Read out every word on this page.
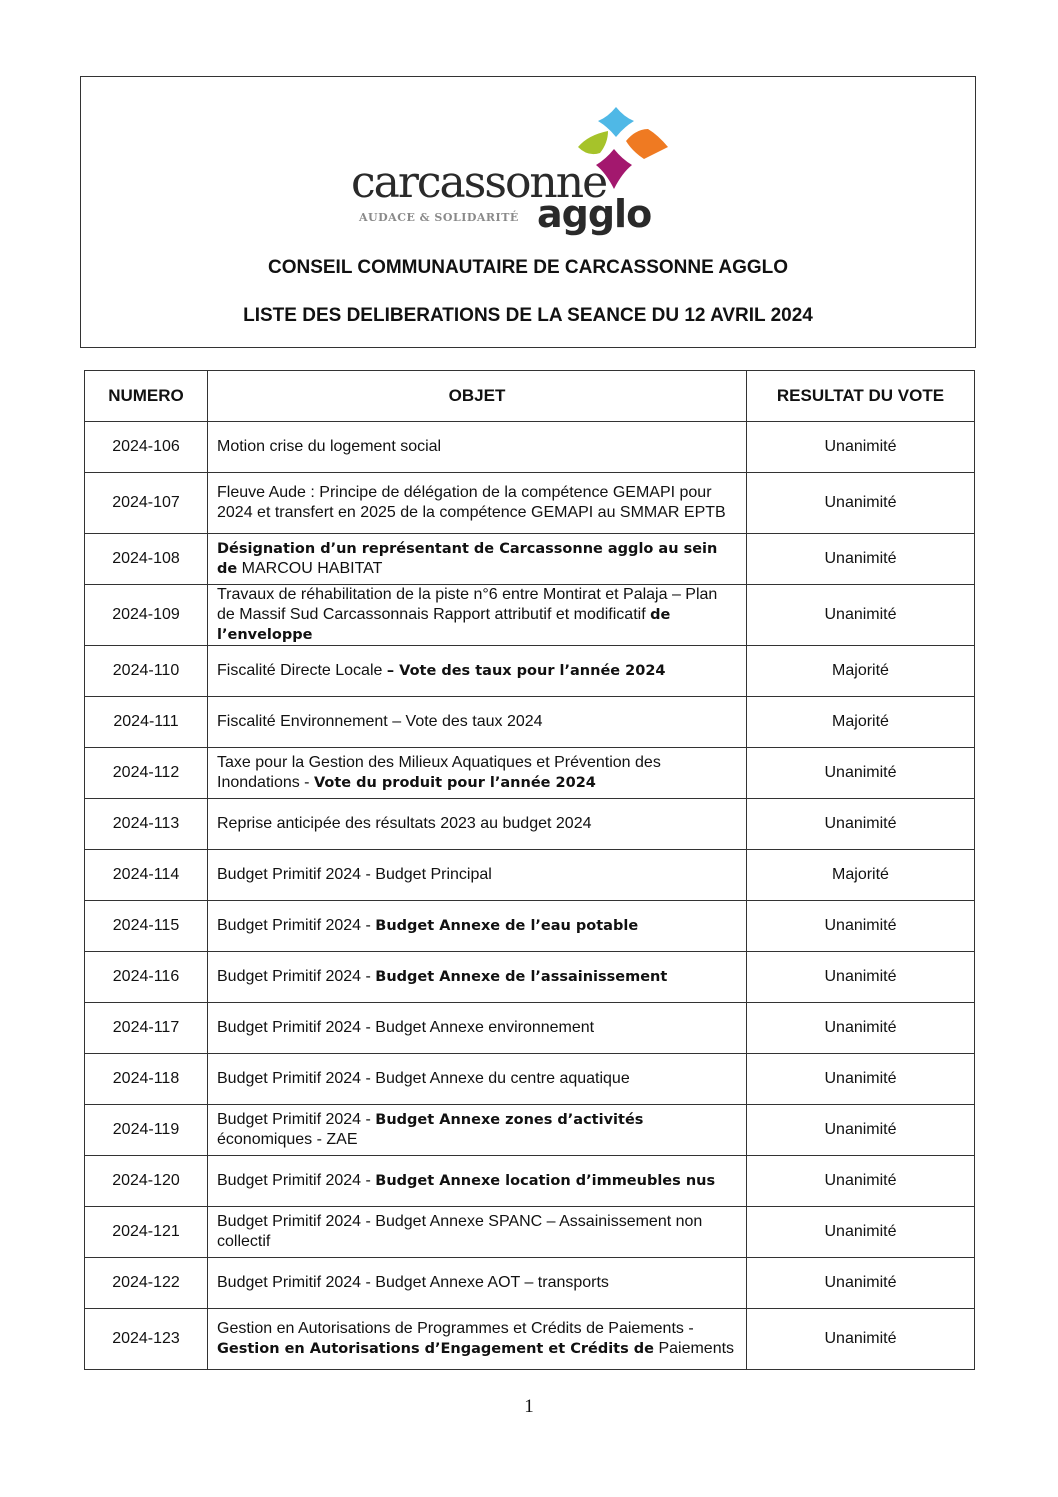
carcassonne
AUDACE & SOLIDARITÉ agglo
CONSEIL COMMUNAUTAIRE DE CARCASSONNE AGGLO
LISTE DES DELIBERATIONS DE LA SEANCE DU 12 AVRIL 2024
NUMERO	OBJET	RESULTAT DU VOTE
2024-106	Motion crise du logement social	Unanimité
2024-107	Fleuve Aude : Principe de délégation de la compétence GEMAPI pour 2024 et transfert en 2025 de la compétence GEMAPI au SMMAR EPTB	Unanimité
2024-108	Désignation d’un représentant de Carcassonne agglo au sein de MARCOU HABITAT	Unanimité
2024-109	Travaux de réhabilitation de la piste n°6 entre Montirat et Palaja – Plan de Massif Sud Carcassonnais Rapport attributif et modificatif de l’enveloppe	Unanimité
2024-110	Fiscalité Directe Locale – Vote des taux pour l’année 2024	Majorité
2024-111	Fiscalité Environnement – Vote des taux 2024	Majorité
2024-112	Taxe pour la Gestion des Milieux Aquatiques et Prévention des Inondations - Vote du produit pour l’année 2024	Unanimité
2024-113	Reprise anticipée des résultats 2023 au budget 2024	Unanimité
2024-114	Budget Primitif 2024 - Budget Principal	Majorité
2024-115	Budget Primitif 2024 - Budget Annexe de l’eau potable	Unanimité
2024-116	Budget Primitif 2024 - Budget Annexe de l’assainissement	Unanimité
2024-117	Budget Primitif 2024 - Budget Annexe environnement	Unanimité
2024-118	Budget Primitif 2024 - Budget Annexe du centre aquatique	Unanimité
2024-119	Budget Primitif 2024 - Budget Annexe zones d’activités économiques - ZAE	Unanimité
2024-120	Budget Primitif 2024 - Budget Annexe location d’immeubles nus	Unanimité
2024-121	Budget Primitif 2024 - Budget Annexe SPANC – Assainissement non collectif	Unanimité
2024-122	Budget Primitif 2024 - Budget Annexe AOT – transports	Unanimité
2024-123	Gestion en Autorisations de Programmes et Crédits de Paiements - Gestion en Autorisations d’Engagement et Crédits de Paiements	Unanimité
1
